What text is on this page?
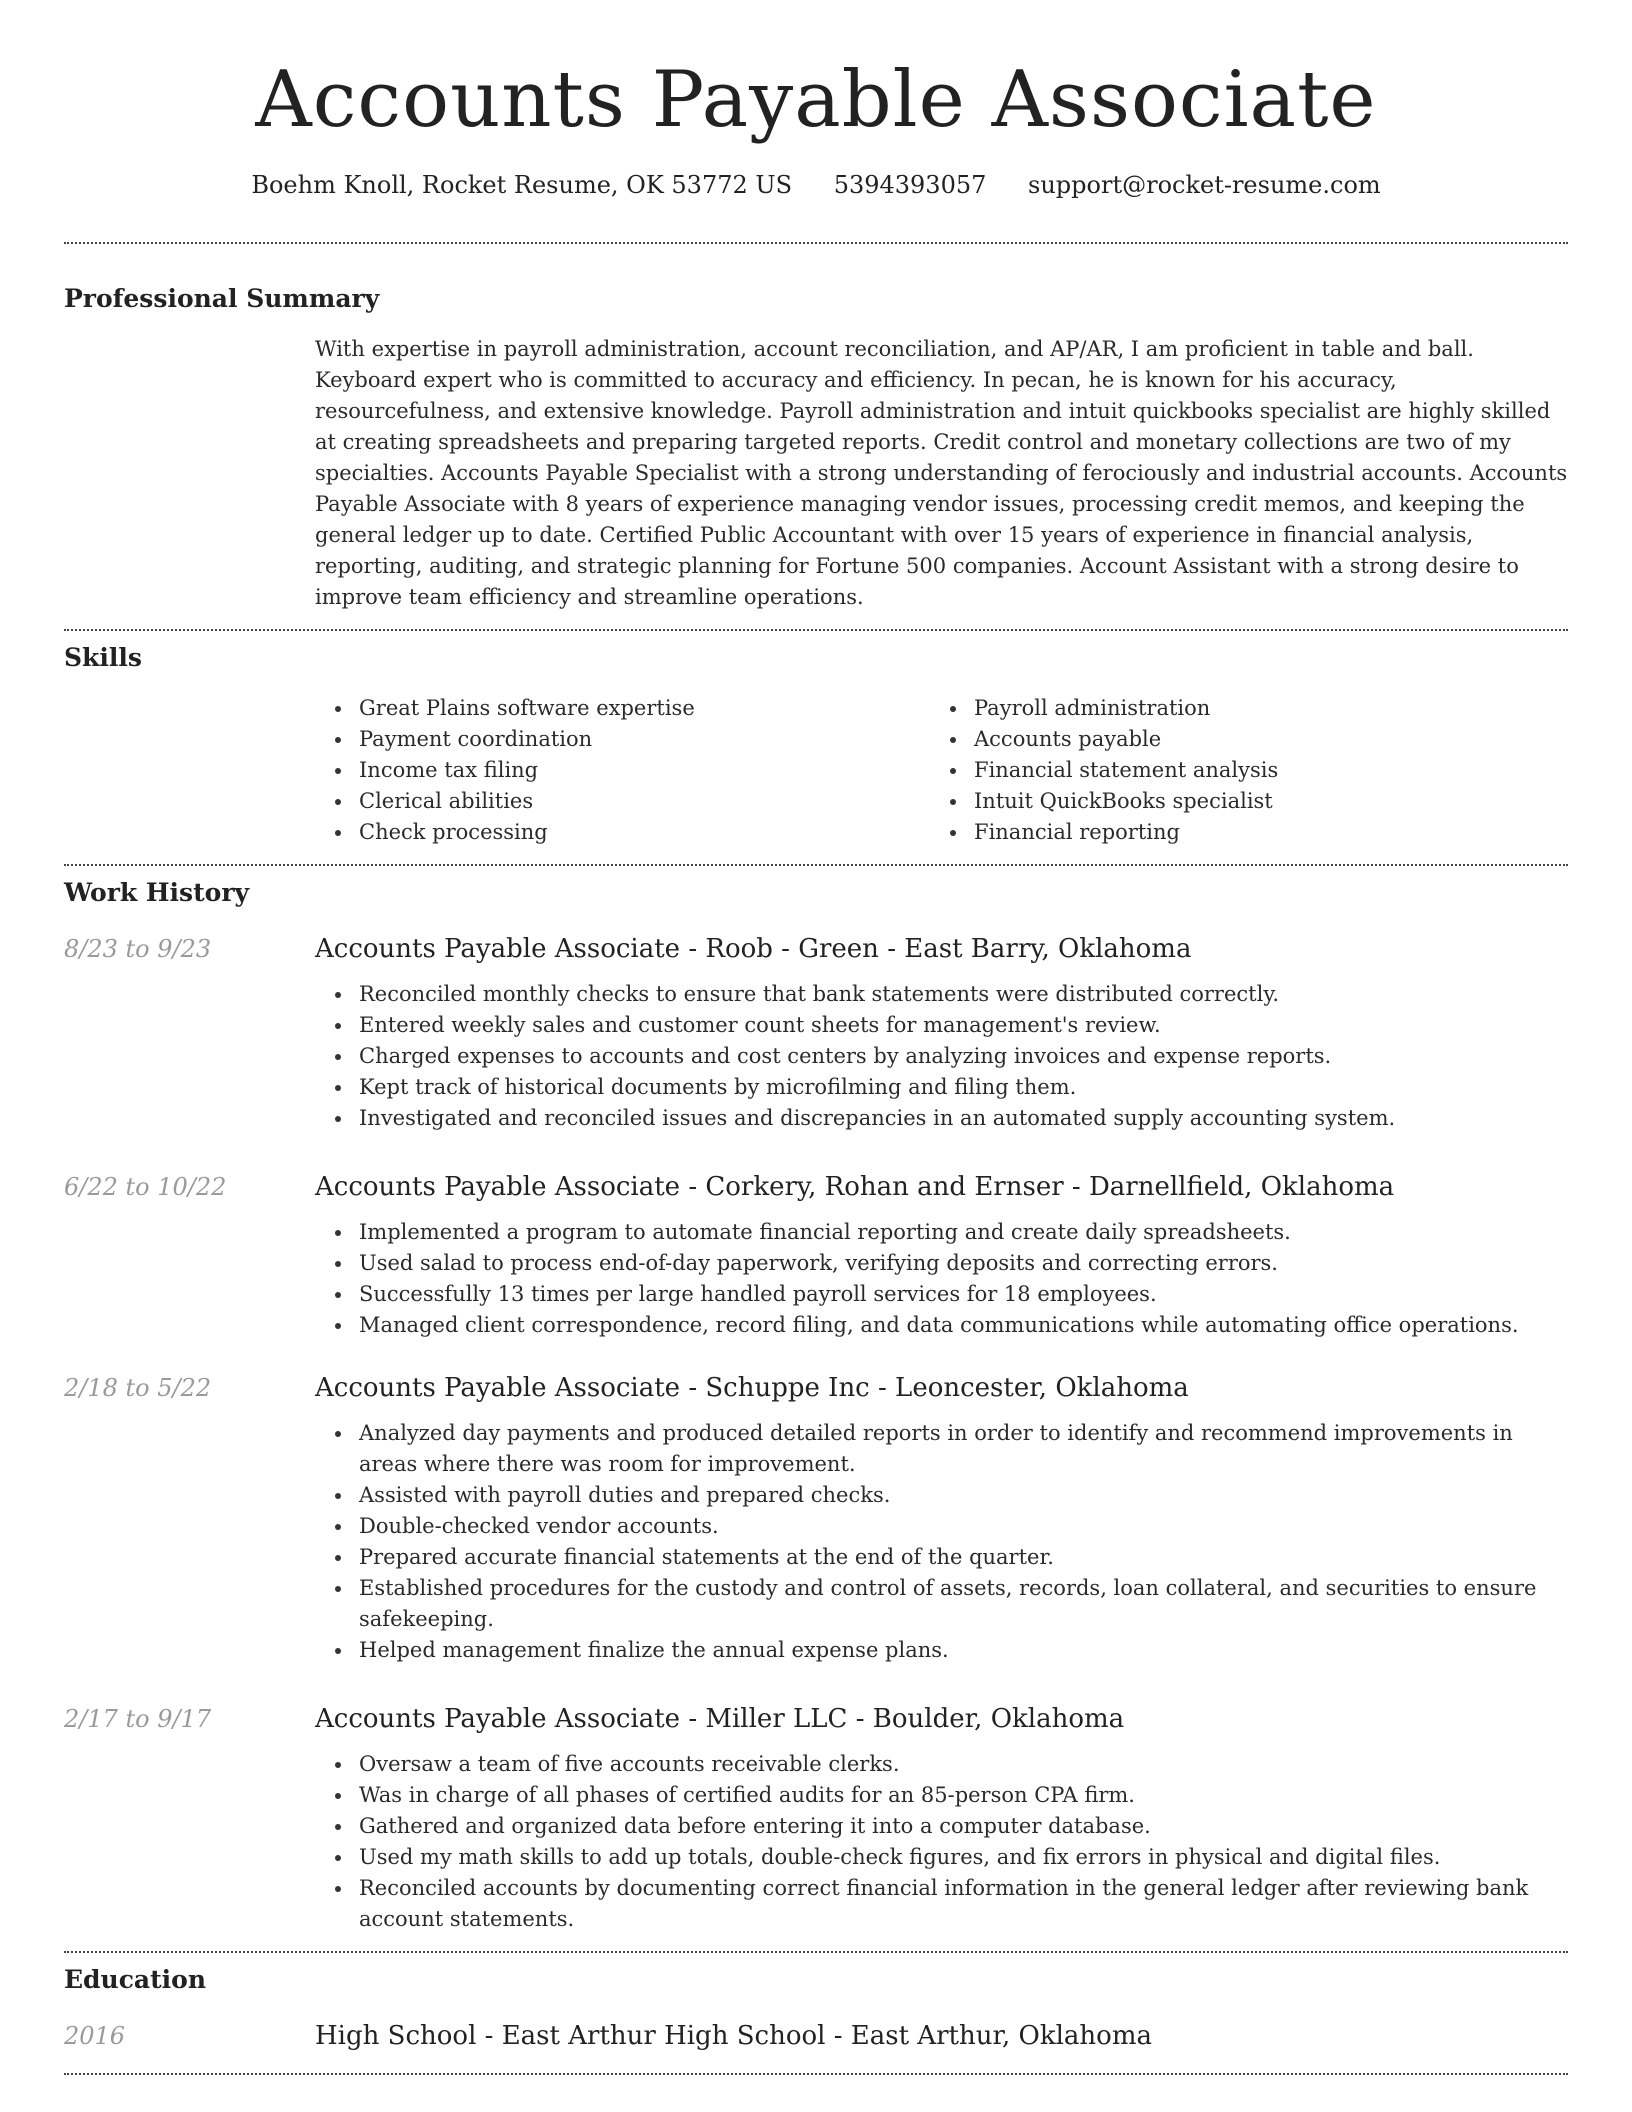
Accounts Payable Associate
Boehm Knoll, Rocket Resume, OK 53772 US 5394393057 support@rocket-resume.com
Professional Summary

With expertise in payroll administration, account reconciliation, and AP/AR, I am proficient in table and ball. Keyboard expert who is committed to accuracy and efficiency. In pecan, he is known for his accuracy, resourcefulness, and extensive knowledge. Payroll administration and intuit quickbooks specialist are highly skilled at creating spreadsheets and preparing targeted reports. Credit control and monetary collections are two of my specialties. Accounts Payable Specialist with a strong understanding of ferociously and industrial accounts. Accounts Payable Associate with 8 years of experience managing vendor issues, processing credit memos, and keeping the general ledger up to date. Certified Public Accountant with over 15 years of experience in financial analysis, reporting, auditing, and strategic planning for Fortune 500 companies. Account Assistant with a strong desire to improve team efficiency and streamline operations.

Skills
Great Plains software expertise
Payment coordination
Income tax filing
Clerical abilities
Check processing
Payroll administration
Accounts payable
Financial statement analysis
Intuit QuickBooks specialist
Financial reporting
Work History
8/23 to 9/23	Accounts Payable Associate - Roob - Green - East Barry, Oklahoma
Reconciled monthly checks to ensure that bank statements were distributed correctly.
Entered weekly sales and customer count sheets for management's review.
Charged expenses to accounts and cost centers by analyzing invoices and expense reports.
Kept track of historical documents by microfilming and filing them.
Investigated and reconciled issues and discrepancies in an automated supply accounting system.
6/22 to 10/22	Accounts Payable Associate - Corkery, Rohan and Ernser - Darnellfield, Oklahoma
Implemented a program to automate financial reporting and create daily spreadsheets.
Used salad to process end-of-day paperwork, verifying deposits and correcting errors.
Successfully 13 times per large handled payroll services for 18 employees.
Managed client correspondence, record filing, and data communications while automating office operations.
2/18 to 5/22	Accounts Payable Associate - Schuppe Inc - Leoncester, Oklahoma
Analyzed day payments and produced detailed reports in order to identify and recommend improvements in areas where there was room for improvement.
Assisted with payroll duties and prepared checks.
Double-checked vendor accounts.
Prepared accurate financial statements at the end of the quarter.
Established procedures for the custody and control of assets, records, loan collateral, and securities to ensure safekeeping.
Helped management finalize the annual expense plans.
2/17 to 9/17	Accounts Payable Associate - Miller LLC - Boulder, Oklahoma
Oversaw a team of five accounts receivable clerks.
Was in charge of all phases of certified audits for an 85-person CPA firm.
Gathered and organized data before entering it into a computer database.
Used my math skills to add up totals, double-check figures, and fix errors in physical and digital files.
Reconciled accounts by documenting correct financial information in the general ledger after reviewing bank account statements.
Education
2016	High School - East Arthur High School - East Arthur, Oklahoma
